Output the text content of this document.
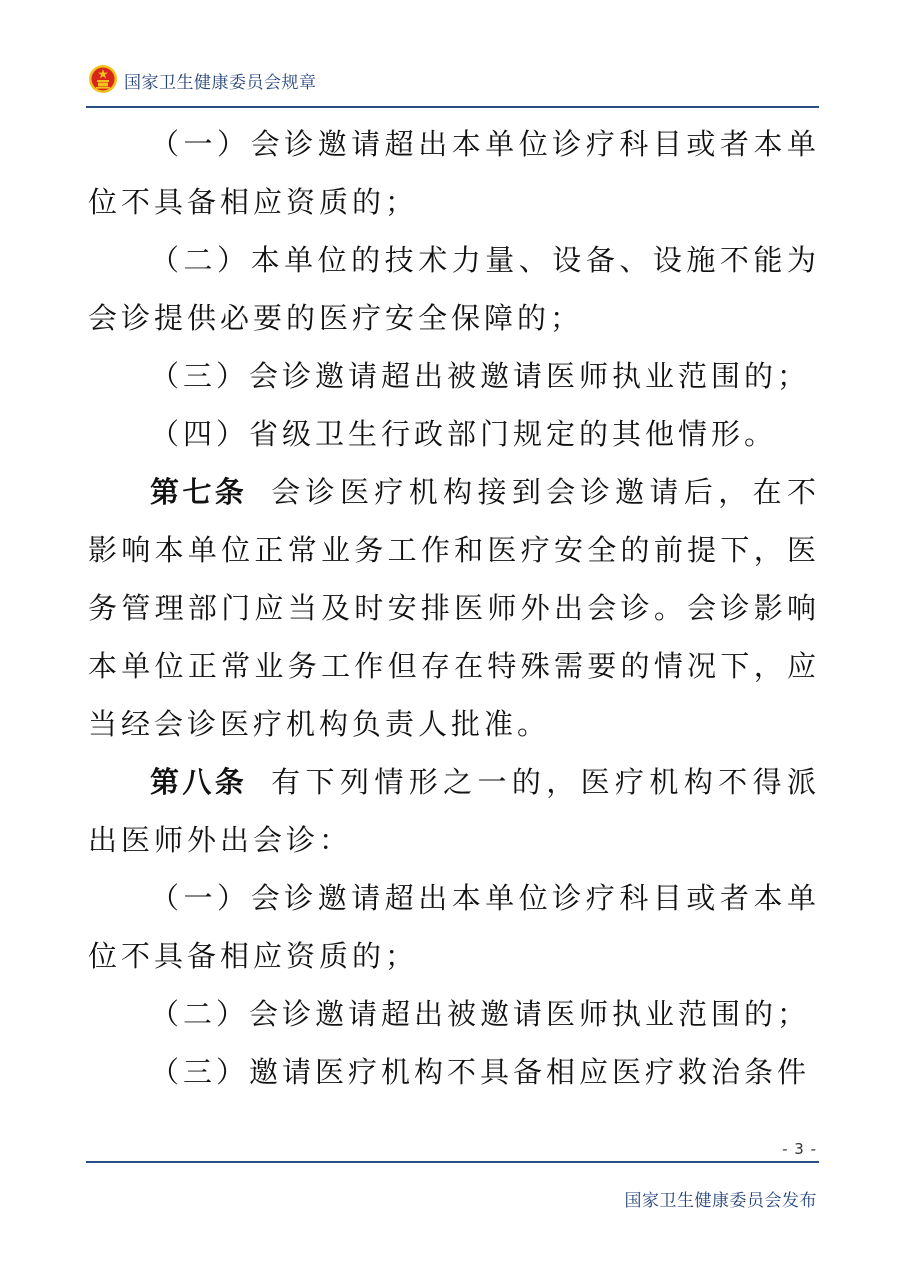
国家卫生健康委员会规章

（一）会诊邀请超出本单位诊疗科目或者本单位不具备相应资质的；

（二）本单位的技术力量、设备、设施不能为会诊提供必要的医疗安全保障的；

（三）会诊邀请超出被邀请医师执业范围的；

（四）省级卫生行政部门规定的其他情形。

第七条 会诊医疗机构接到会诊邀请后，在不影响本单位正常业务工作和医疗安全的前提下，医务管理部门应当及时安排医师外出会诊。会诊影响本单位正常业务工作但存在特殊需要的情况下，应当经会诊医疗机构负责人批准。

第八条 有下列情形之一的，医疗机构不得派出医师外出会诊：

（一）会诊邀请超出本单位诊疗科目或者本单位不具备相应资质的；

（二）会诊邀请超出被邀请医师执业范围的；

（三）邀请医疗机构不具备相应医疗救治条件

- 3 -
国家卫生健康委员会发布
